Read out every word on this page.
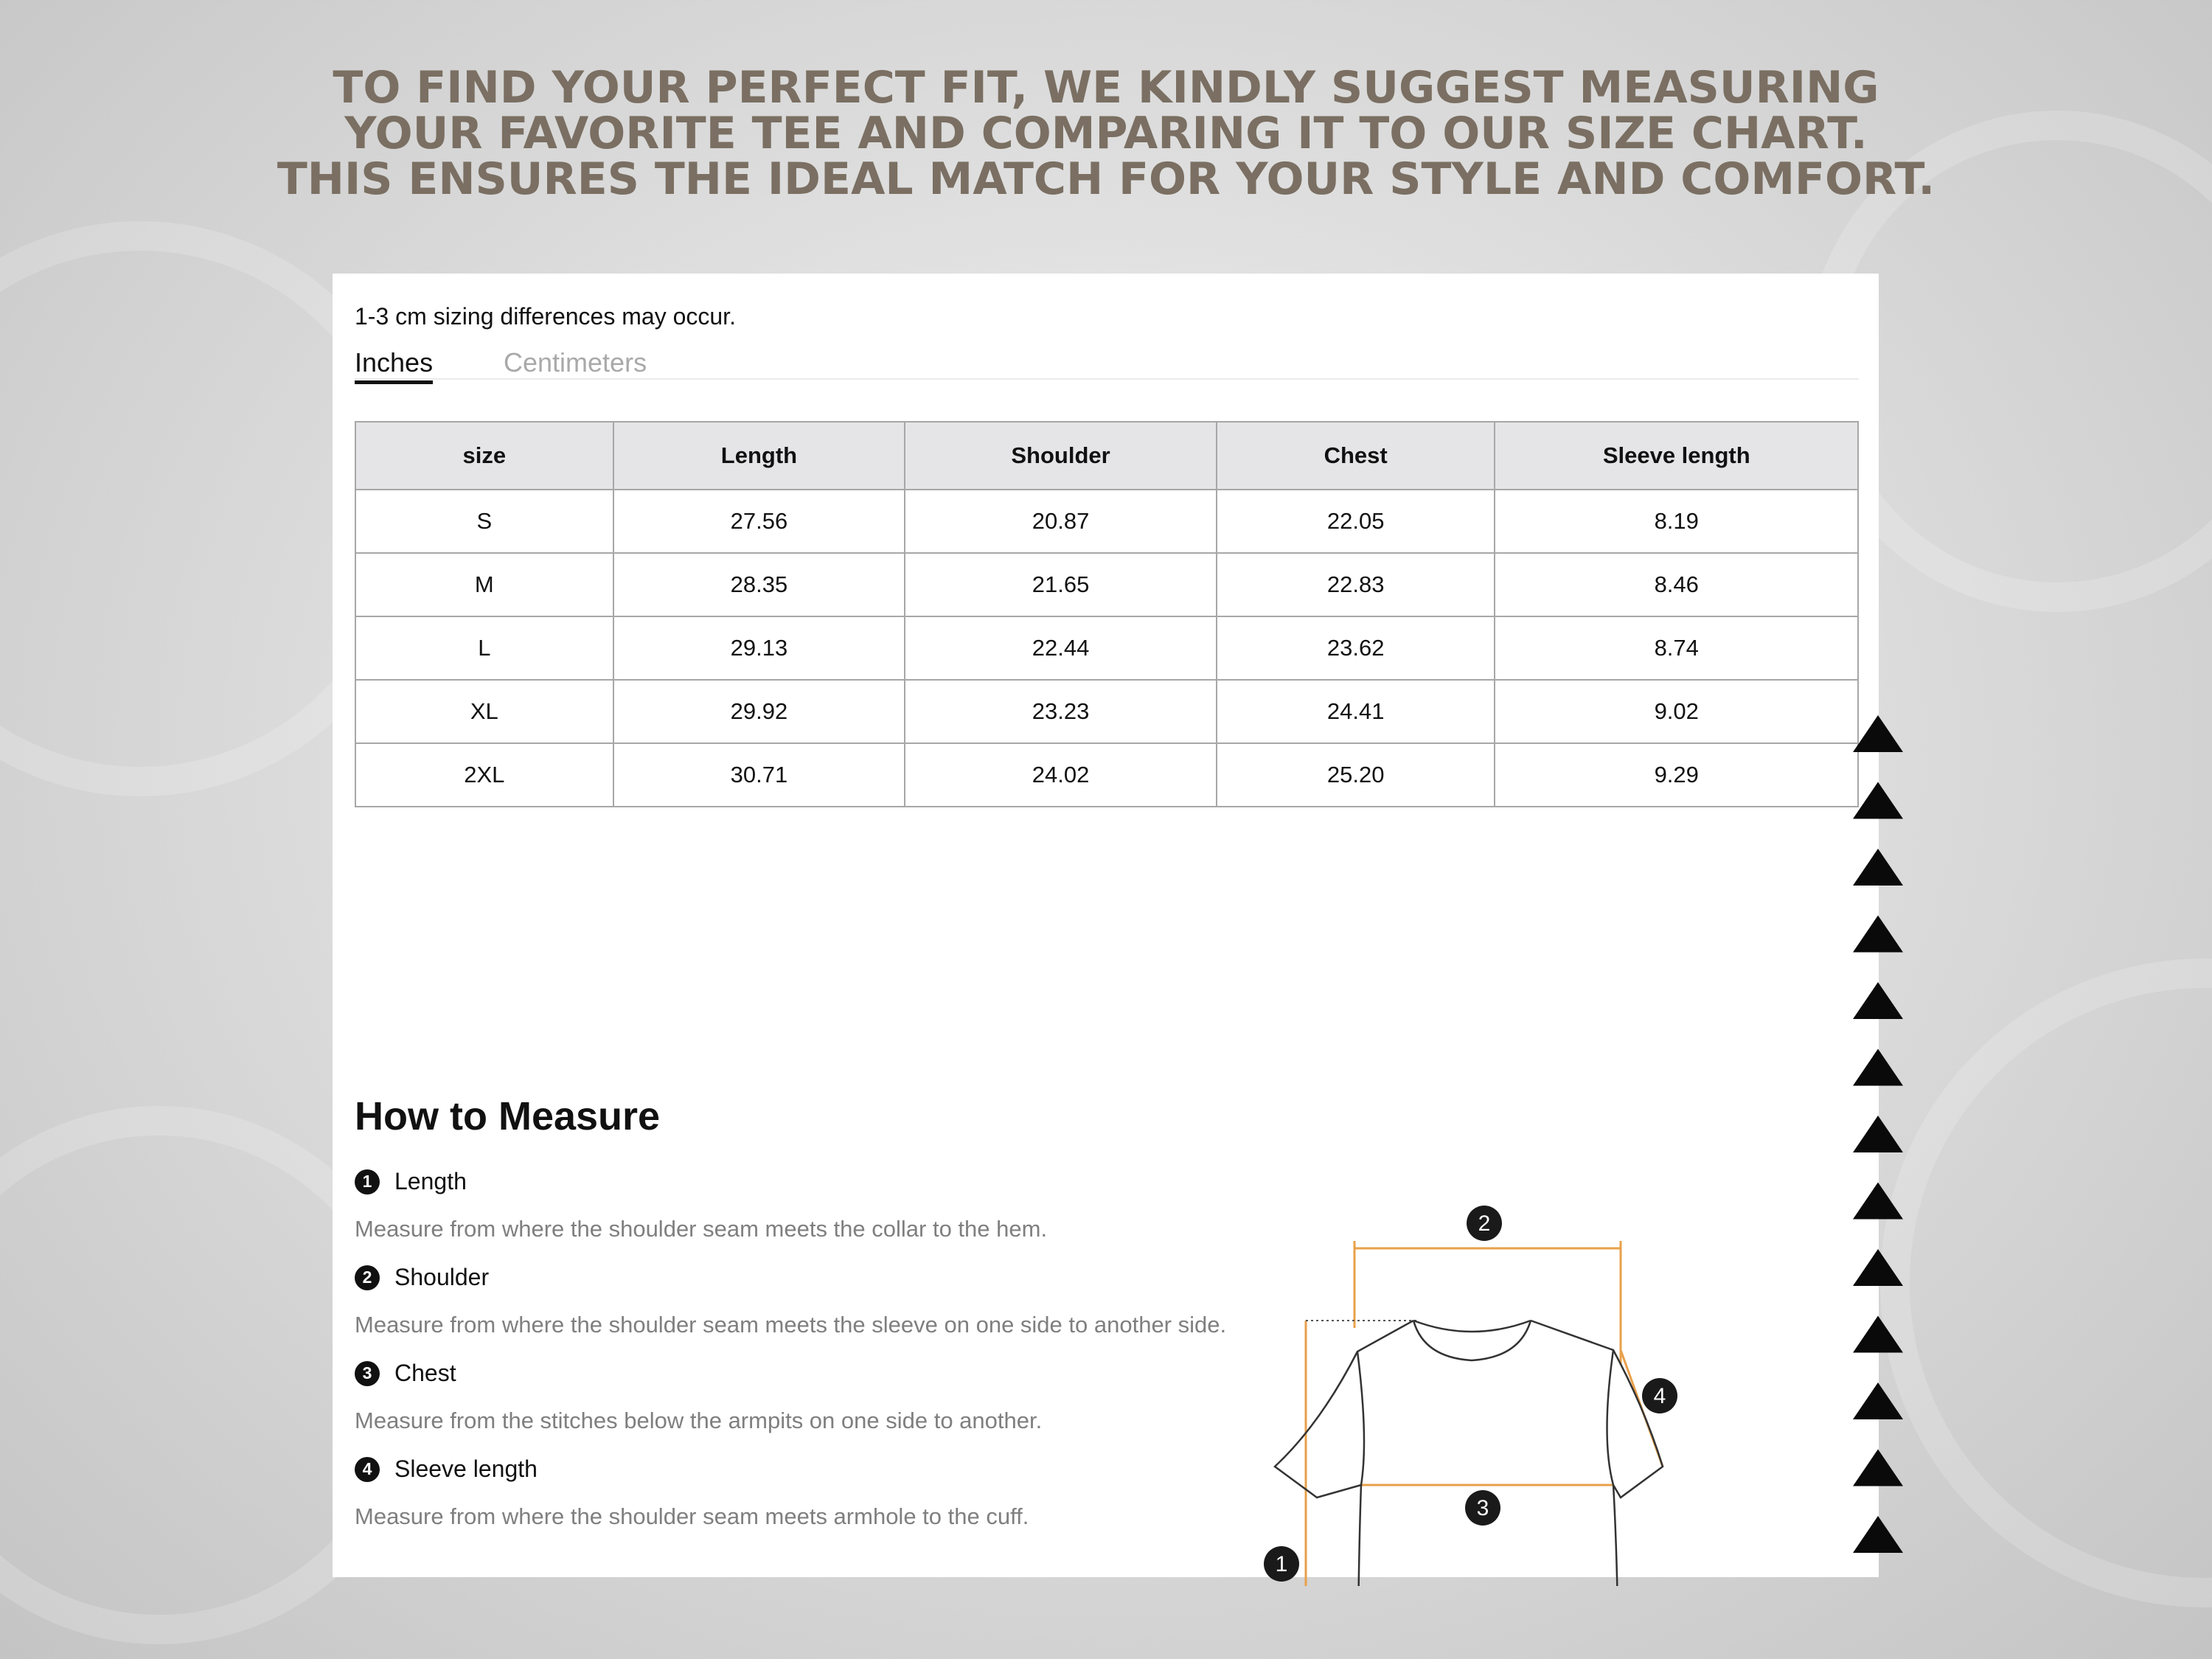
TO FIND YOUR PERFECT FIT, WE KINDLY SUGGEST MEASURING
YOUR FAVORITE TEE AND COMPARING IT TO OUR SIZE CHART.
THIS ENSURES THE IDEAL MATCH FOR YOUR STYLE AND COMFORT.
1-3 cm sizing differences may occur.
Inches	Centimeters
size	Length	Shoulder	Chest	Sleeve length
S	27.56	20.87	22.05	8.19
M	28.35	21.65	22.83	8.46
L	29.13	22.44	23.62	8.74
XL	29.92	23.23	24.41	9.02
2XL	30.71	24.02	25.20	9.29
How to Measure
1 Length
Measure from where the shoulder seam meets the collar to the hem.
2 Shoulder
Measure from where the shoulder seam meets the sleeve on one side to another side.
3 Chest
Measure from the stitches below the armpits on one side to another.
4 Sleeve length
Measure from where the shoulder seam meets armhole to the cuff.
1
2
3
4
